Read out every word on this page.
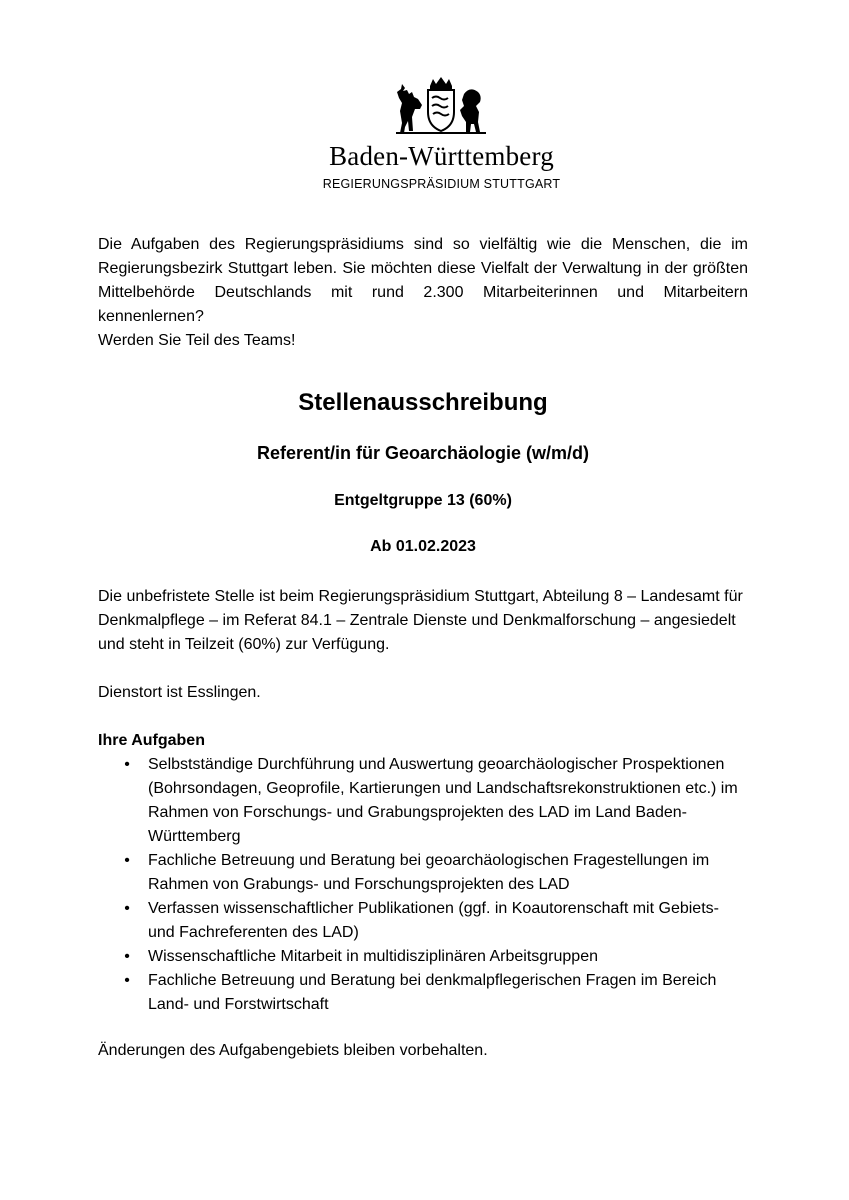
Baden-Württemberg
REGIERUNGSPRÄSIDIUM STUTTGART

Die Aufgaben des Regierungspräsidiums sind so vielfältig wie die Menschen, die im
Regierungsbezirk Stuttgart leben. Sie möchten diese Vielfalt der Verwaltung in der größten
Mittelbehörde Deutschlands mit rund 2.300 Mitarbeiterinnen und Mitarbeitern kennenlernen?
Werden Sie Teil des Teams!

Stellenausschreibung
Referent/in für Geoarchäologie (w/m/d)
Entgeltgruppe 13 (60%)
Ab 01.02.2023

Die unbefristete Stelle ist beim Regierungspräsidium Stuttgart, Abteilung 8 – Landesamt für
Denkmalpflege – im Referat 84.1 – Zentrale Dienste und Denkmalforschung – angesiedelt
und steht in Teilzeit (60%) zur Verfügung.

Dienstort ist Esslingen.

Ihre Aufgaben
• Selbstständige Durchführung und Auswertung geoarchäologischer Prospektionen
(Bohrsondagen, Geoprofile, Kartierungen und Landschaftsrekonstruktionen etc.) im
Rahmen von Forschungs- und Grabungsprojekten des LAD im Land Baden-
Württemberg
• Fachliche Betreuung und Beratung bei geoarchäologischen Fragestellungen im
Rahmen von Grabungs- und Forschungsprojekten des LAD
• Verfassen wissenschaftlicher Publikationen (ggf. in Koautorenschaft mit Gebiets-
und Fachreferenten des LAD)
• Wissenschaftliche Mitarbeit in multidisziplinären Arbeitsgruppen
• Fachliche Betreuung und Beratung bei denkmalpflegerischen Fragen im Bereich
Land- und Forstwirtschaft

Änderungen des Aufgabengebiets bleiben vorbehalten.
